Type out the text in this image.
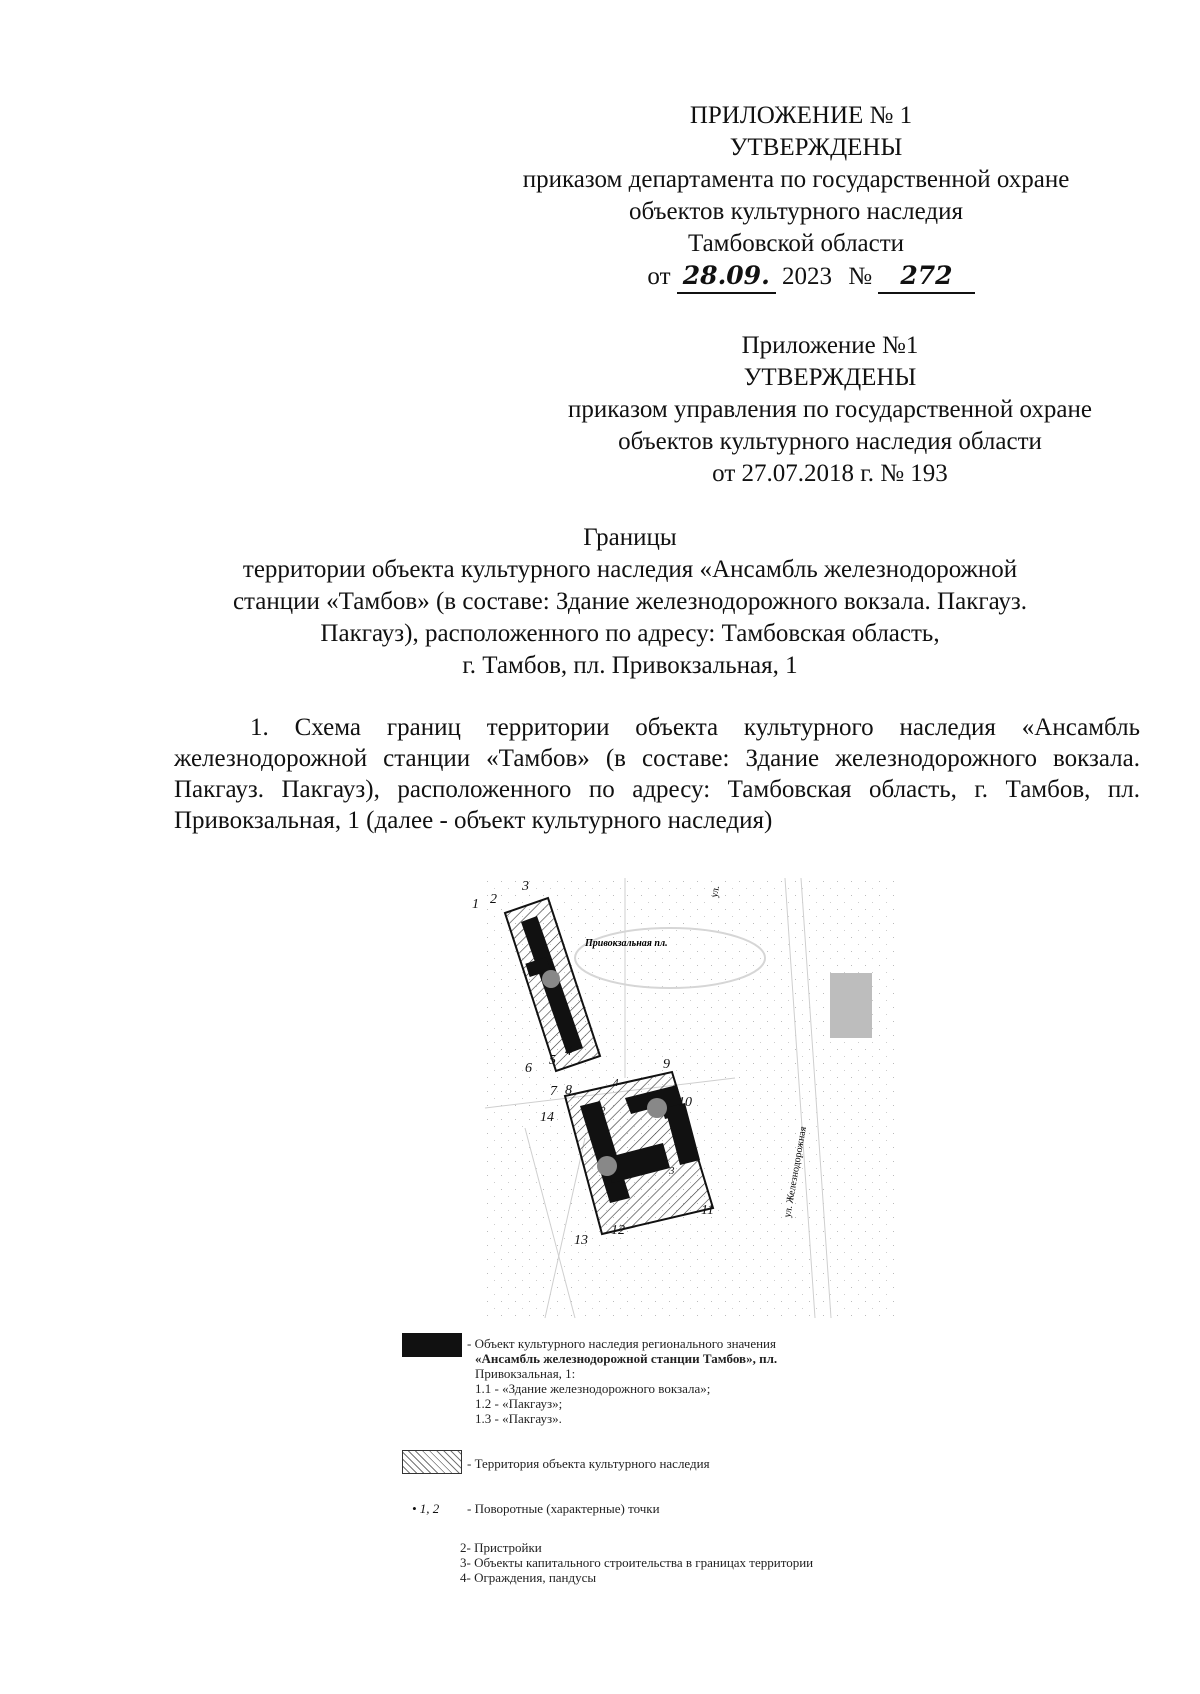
ПРИЛОЖЕНИЕ № 1
УТВЕРЖДЕНЫ
приказом департамента по государственной охране
объектов культурного наследия
Тамбовской области
от 28.09. 2023 № 272
Приложение №1
УТВЕРЖДЕНЫ
приказом управления по государственной охране
объектов культурного наследия области
от 27.07.2018 г. № 193
Границы
территории объекта культурного наследия «Ансамбль железнодорожной
станции «Тамбов» (в составе: Здание железнодорожного вокзала. Пакгауз.
Пакгауз), расположенного по адресу: Тамбовская область,
г. Тамбов, пл. Привокзальная, 1

1. Схема границ территории объекта культурного наследия «Ансамбль железнодорожной станции «Тамбов» (в составе: Здание железнодорожного вокзала. Пакгауз. Пакгауз), расположенного по адресу: Тамбовская область, г. Тамбов, пл. Привокзальная, 1 (далее - объект культурного наследия)

Привокзальная пл.
ул.
ул. Железнодорожная
1 2
3
4
5
6
7 8
9
10
11
12
13
14
4
2
3
- Объект культурного наследия регионального значения
«Ансамбль железнодорожной станции Тамбов», пл.
Привокзальная, 1:
1.1 - «Здание железнодорожного вокзала»;
1.2 - «Пакгауз»;
1.3 - «Пакгауз».
- Территория объекта культурного наследия
• 1, 2 - Поворотные (характерные) точки
2- Пристройки
3- Объекты капитального строительства в границах территории
4- Ограждения, пандусы
